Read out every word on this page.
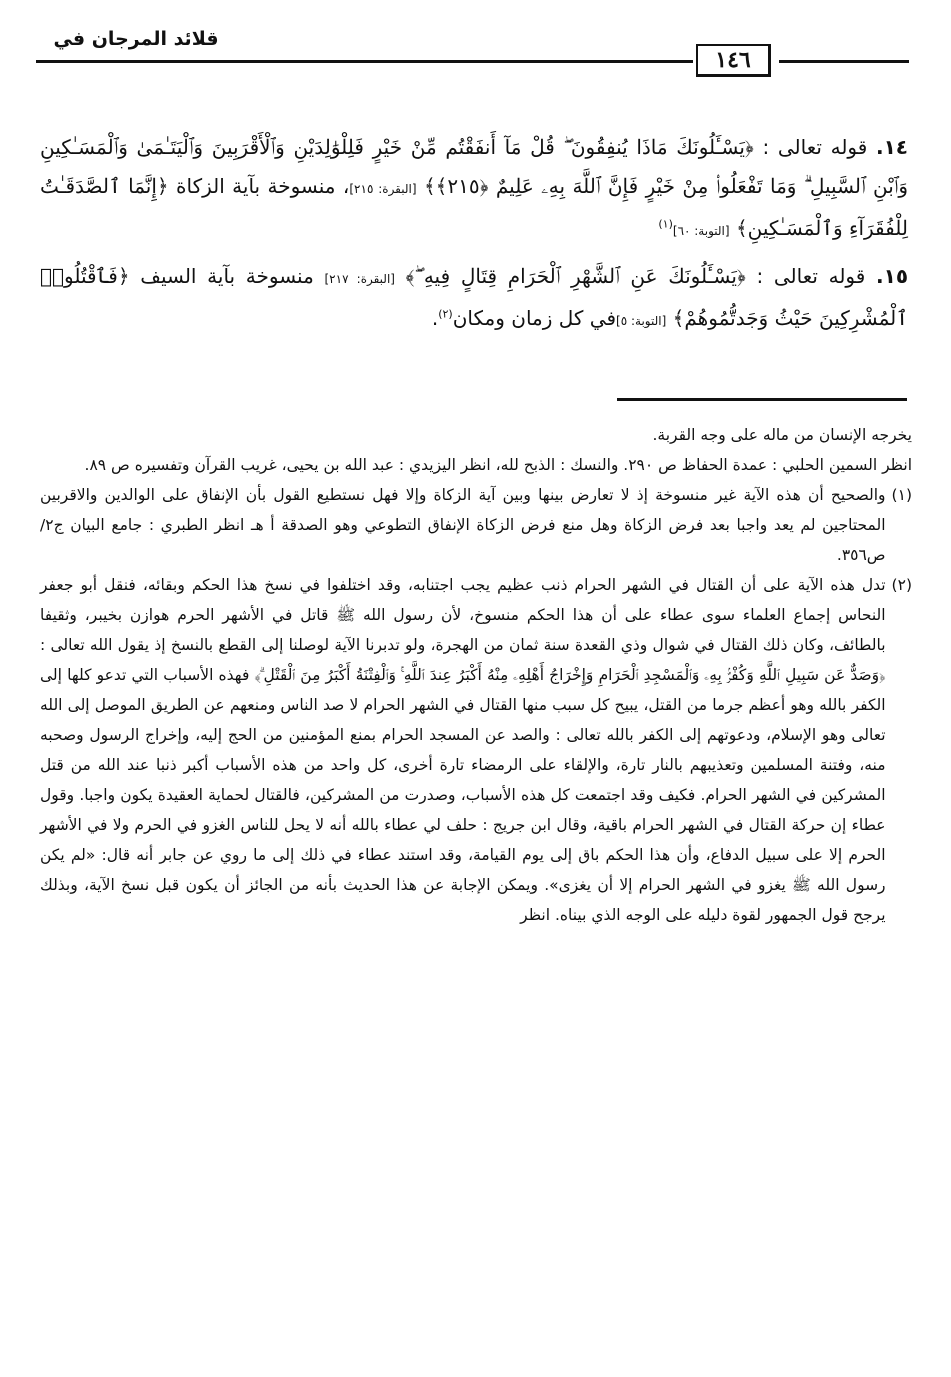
١٤٦
قلائد المرجان في

١٤. قوله تعالى : ﴿يَسْـَٔلُونَكَ مَاذَا يُنفِقُونَ ۖ قُلْ مَآ أَنفَقْتُم مِّنْ خَيْرٍ فَلِلْوَٰلِدَيْنِ وَٱلْأَقْرَبِينَ وَٱلْيَتَـٰمَىٰ وَٱلْمَسَـٰكِينِ وَٱبْنِ ٱلسَّبِيلِ ۗ وَمَا تَفْعَلُوا۟ مِنْ خَيْرٍ فَإِنَّ ٱللَّهَ بِهِۦ عَلِيمٌ ﴿٢١٥﴾﴾ [البقرة: ٢١٥]، منسوخة بآية الزكاة ﴿إِنَّمَا ٱلصَّدَقَـٰتُ لِلْفُقَرَآءِ وَٱلْمَسَـٰكِينِ﴾ [التوبة: ٦٠]$^{(١)}$

١٥. قوله تعالى : ﴿يَسْـَٔلُونَكَ عَنِ ٱلشَّهْرِ ٱلْحَرَامِ قِتَالٍ فِيهِ ۖ﴾ [البقرة: ٢١٧] منسوخة بآية السيف ﴿فَٱقْتُلُوا۟ ٱلْمُشْرِكِينَ حَيْثُ وَجَدتُّمُوهُمْ﴾ [التوبة: ٥]في كل زمان ومكان$^{(٢)}$.

يخرجه الإنسان من ماله على وجه القربة.

انظر السمين الحلبي : عمدة الحفاظ ص ٢٩٠. والنسك : الذبح لله، انظر اليزيدي : عبد الله بن يحيى، غريب القرآن وتفسيره ص ٨٩.

(١)
والصحيح أن هذه الآية غير منسوخة إذ لا تعارض بينها وبين آية الزكاة وإلا فهل نستطيع القول بأن الإنفاق على الوالدين والاقربين المحتاجين لم يعد واجبا بعد فرض الزكاة وهل منع فرض الزكاة الإنفاق التطوعي وهو الصدقة أ هـ انظر الطبري : جامع البيان ج٢/ ص٣٥٦.
(٢)
تدل هذه الآية على أن القتال في الشهر الحرام ذنب عظيم يجب اجتنابه، وقد اختلفوا في نسخ هذا الحكم وبقائه، فنقل أبو جعفر النحاس إجماع العلماء سوى عطاء على أن هذا الحكم منسوخ، لأن رسول الله ﷺ قاتل في الأشهر الحرم هوازن بخيبر، وثقيفا بالطائف، وكان ذلك القتال في شوال وذي القعدة سنة ثمان من الهجرة، ولو تدبرنا الآية لوصلنا إلى القطع بالنسخ إذ يقول الله تعالى : ﴿وَصَدٌّ عَن سَبِيلِ ٱللَّهِ وَكُفْرٌۢ بِهِۦ وَٱلْمَسْجِدِ ٱلْحَرَامِ وَإِخْرَاجُ أَهْلِهِۦ مِنْهُ أَكْبَرُ عِندَ ٱللَّهِ ۚ وَٱلْفِتْنَةُ أَكْبَرُ مِنَ ٱلْقَتْلِ ۗ﴾ فهذه الأسباب التي تدعو كلها إلى الكفر بالله وهو أعظم جرما من القتل، يبيح كل سبب منها القتال في الشهر الحرام لا صد الناس ومنعهم عن الطريق الموصل إلى الله تعالى وهو الإسلام، ودعوتهم إلى الكفر بالله تعالى : والصد عن المسجد الحرام بمنع المؤمنين من الحج إليه، وإخراج الرسول وصحبه منه، وفتنة المسلمين وتعذيبهم بالنار تارة، والإلقاء على الرمضاء تارة أخرى، كل واحد من هذه الأسباب أكبر ذنبا عند الله من قتل المشركين في الشهر الحرام. فكيف وقد اجتمعت كل هذه الأسباب، وصدرت من المشركين، فالقتال لحماية العقيدة يكون واجبا. وقول عطاء إن حركة القتال في الشهر الحرام باقية، وقال ابن جريج : حلف لي عطاء بالله أنه لا يحل للناس الغزو في الحرم ولا في الأشهر الحرم إلا على سبيل الدفاع، وأن هذا الحكم باق إلى يوم القيامة، وقد استند عطاء في ذلك إلى ما روي عن جابر أنه قال: «لم يكن رسول الله ﷺ يغزو في الشهر الحرام إلا أن يغزى». ويمكن الإجابة عن هذا الحديث بأنه من الجائز أن يكون قبل نسخ الآية، وبذلك يرجح قول الجمهور لقوة دليله على الوجه الذي بيناه. انظر
